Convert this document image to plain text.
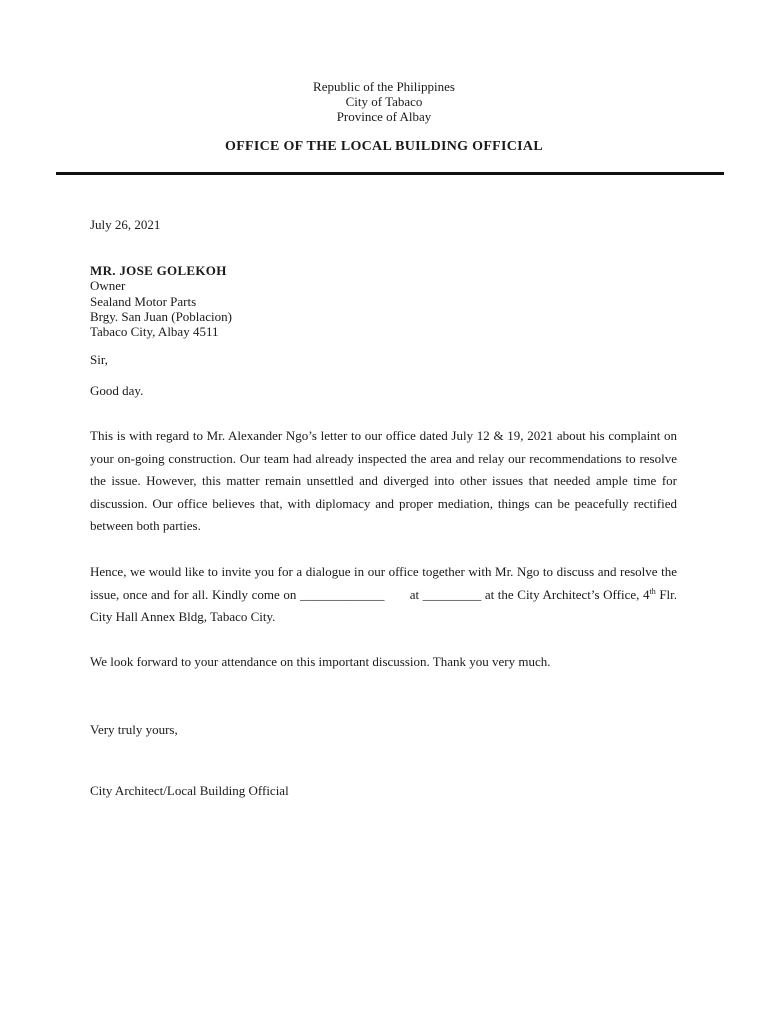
Republic of the Philippines
City of Tabaco
Province of Albay
OFFICE OF THE LOCAL BUILDING OFFICIAL
July 26, 2021
MR. JOSE GOLEKOH
Owner
Sealand Motor Parts
Brgy. San Juan (Poblacion)
Tabaco City, Albay 4511
Sir,
Good day.
This is with regard to Mr. Alexander Ngo’s letter to our office dated July 12 & 19, 2021 about his complaint on your on-going construction. Our team had already inspected the area and relay our recommendations to resolve the issue. However, this matter remain unsettled and diverged into other issues that needed ample time for discussion. Our office believes that, with diplomacy and proper mediation, things can be peacefully rectified between both parties.
Hence, we would like to invite you for a dialogue in our office together with Mr. Ngo to discuss and resolve the issue, once and for all. Kindly come on _____________ at _________ at the City Architect’s Office, 4th Flr. City Hall Annex Bldg, Tabaco City.
We look forward to your attendance on this important discussion. Thank you very much.
Very truly yours,
City Architect/Local Building Official
